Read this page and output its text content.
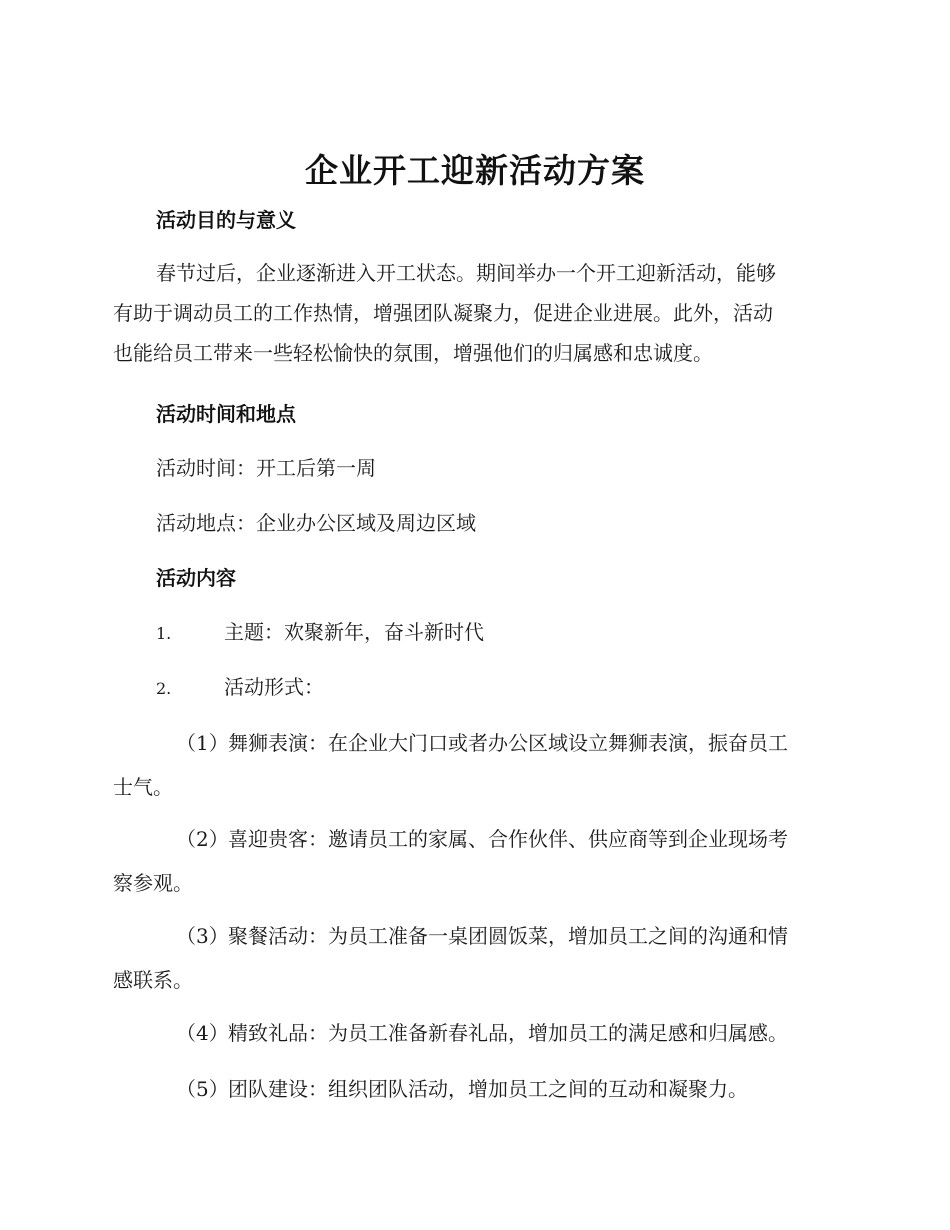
企业开工迎新活动方案
活动目的与意义
春节过后，企业逐渐进入开工状态。期间举办一个开工迎新活动，能够
有助于调动员工的工作热情，增强团队凝聚力，促进企业进展。此外，活动
也能给员工带来一些轻松愉快的氛围，增强他们的归属感和忠诚度。
活动时间和地点

活动时间：开工后第一周

活动地点：企业办公区域及周边区域

活动内容

1.	主题：欢聚新年，奋斗新时代

2.	活动形式：

（1）舞狮表演：在企业大门口或者办公区域设立舞狮表演，振奋员工
士气。
（2）喜迎贵客：邀请员工的家属、合作伙伴、供应商等到企业现场考
察参观。
（3）聚餐活动：为员工准备一桌团圆饭菜，增加员工之间的沟通和情
感联系。
（4）精致礼品：为员工准备新春礼品，增加员工的满足感和归属感。
（5）团队建设：组织团队活动，增加员工之间的互动和凝聚力。
